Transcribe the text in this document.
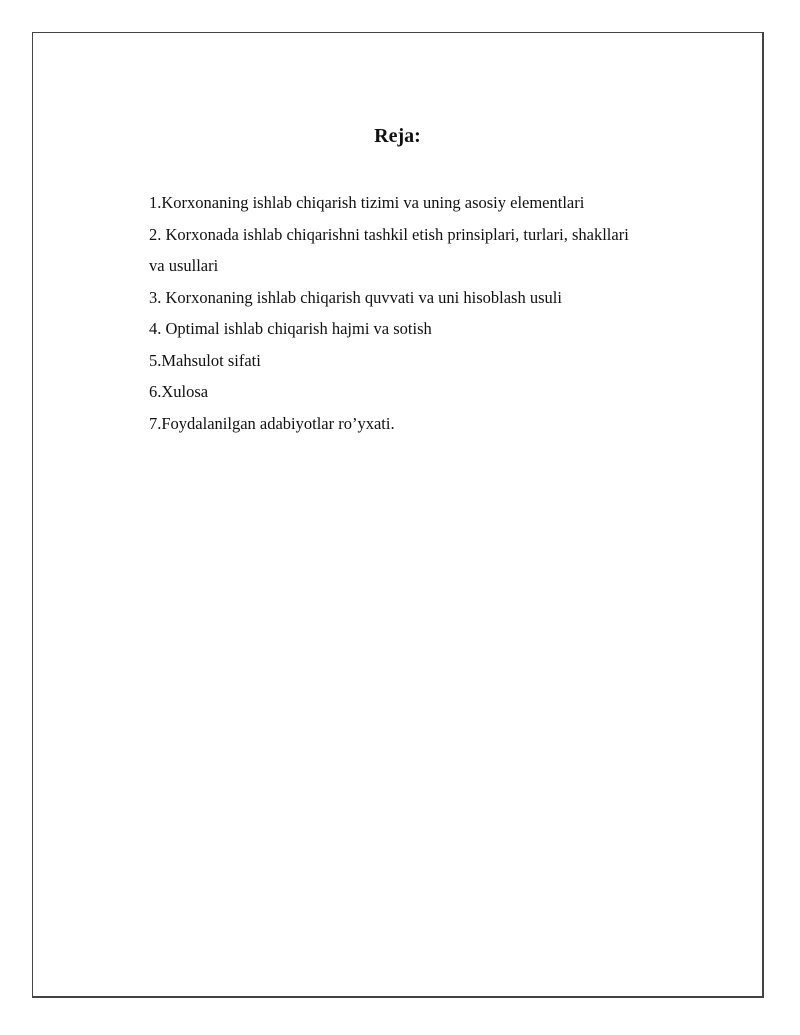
Reja:
1.Korxonaning ishlab chiqarish tizimi va uning asosiy elementlari
2. Korxonada ishlab chiqarishni tashkil etish prinsiplari, turlari, shakllari va usullari
3. Korxonaning ishlab chiqarish quvvati va uni hisoblash usuli
4. Optimal ishlab chiqarish hajmi va sotish
5.Mahsulot sifati
6.Xulosa
7.Foydalanilgan adabiyotlar ro’yxati.
